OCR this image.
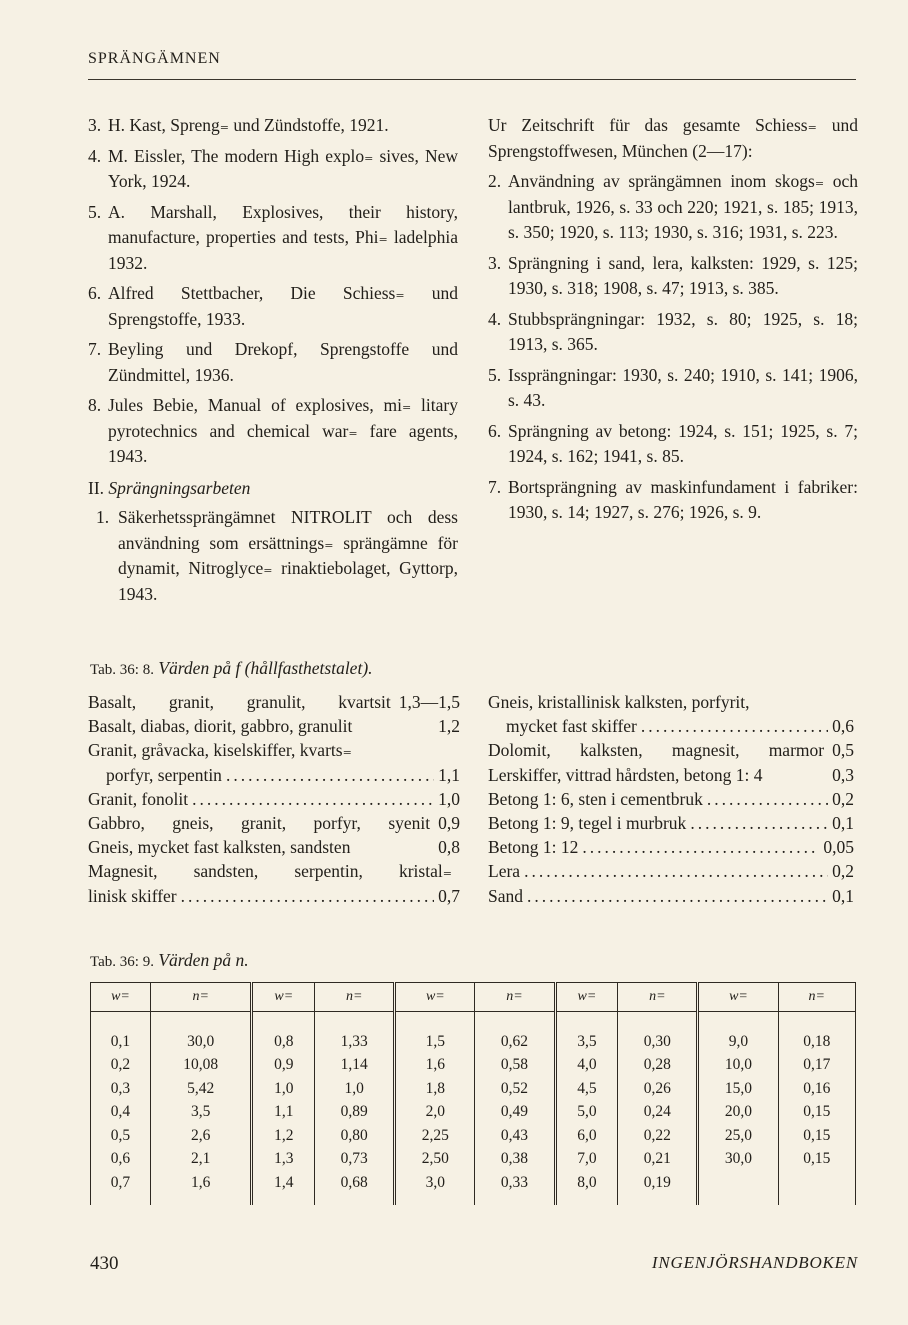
SPRÄNGÄMNEN
3. H. Kast, Spreng₌ und Zündstoffe, 1921.
4. M. Eissler, The modern High explo₌ sives, New York, 1924.
5. A. Marshall, Explosives, their history, manufacture, properties and tests, Phi₌ ladelphia 1932.
6. Alfred Stettbacher, Die Schiess₌ und Sprengstoffe, 1933.
7. Beyling und Drekopf, Sprengstoffe und Zündmittel, 1936.
8. Jules Bebie, Manual of explosives, mi₌ litary pyrotechnics and chemical war₌ fare agents, 1943.
II. Sprängningsarbeten
1. Säkerhetssprängämnet NITROLIT och dess användning som ersättnings₌ sprängämne för dynamit, Nitroglyce₌ rinaktiebolaget, Gyttorp, 1943.
Ur Zeitschrift für das gesamte Schiess₌ und Sprengstoffwesen, München (2—17):
2. Användning av sprängämnen inom skogs₌ och lantbruk, 1926, s. 33 och 220; 1921, s. 185; 1913, s. 350; 1920, s. 113; 1930, s. 316; 1931, s. 223.
3. Sprängning i sand, lera, kalksten: 1929, s. 125; 1930, s. 318; 1908, s. 47; 1913, s. 385.
4. Stubbsprängningar: 1932, s. 80; 1925, s. 18; 1913, s. 365.
5. Issprängningar: 1930, s. 240; 1910, s. 141; 1906, s. 43.
6. Sprängning av betong: 1924, s. 151; 1925, s. 7; 1924, s. 162; 1941, s. 85.
7. Bortsprängning av maskinfundament i fabriker: 1930, s. 14; 1927, s. 276; 1926, s. 9.
Tab. 36: 8. Värden på f (hållfasthetstalet).
Basalt, granit, granulit, kvartsit 1,3—1,5
Basalt, diabas, diorit, gabbro, granulit	1,2
Granit, gråvacka, kiselskiffer, kvarts₌
porfyr, serpentin .....	1,1
Granit, fonolit .....	1,0
Gabbro, gneis, granit, porfyr, syenit 0,9
Gneis, mycket fast kalksten, sandsten	0,8
Magnesit, sandsten, serpentin, kristal₌
linisk skiffer .....	0,7
Gneis, kristallinisk kalksten, porfyrit,
mycket fast skiffer .....	0,6
Dolomit, kalksten, magnesit, marmor 0,5
Lerskiffer, vittrad hårdsten, betong 1: 4	0,3
Betong 1: 6, sten i cementbruk .....	0,2
Betong 1: 9, tegel i murbruk .....	0,1
Betong 1: 12 .....	0,05
Lera .....	0,2
Sand .....	0,1
Tab. 36: 9. Värden på n.
w=	n=	w=	n=	w=	n=	w=	n=	w=	n=
0,1	30,0	0,8	1,33	1,5	0,62	3,5	0,30	9,0	0,18
0,2	10,08	0,9	1,14	1,6	0,58	4,0	0,28	10,0	0,17
0,3	5,42	1,0	1,0	1,8	0,52	4,5	0,26	15,0	0,16
0,4	3,5	1,1	0,89	2,0	0,49	5,0	0,24	20,0	0,15
0,5	2,6	1,2	0,80	2,25	0,43	6,0	0,22	25,0	0,15
0,6	2,1	1,3	0,73	2,50	0,38	7,0	0,21	30,0	0,15
0,7	1,6	1,4	0,68	3,0	0,33	8,0	0,19		
430	INGENJÖRSHANDBOKEN
